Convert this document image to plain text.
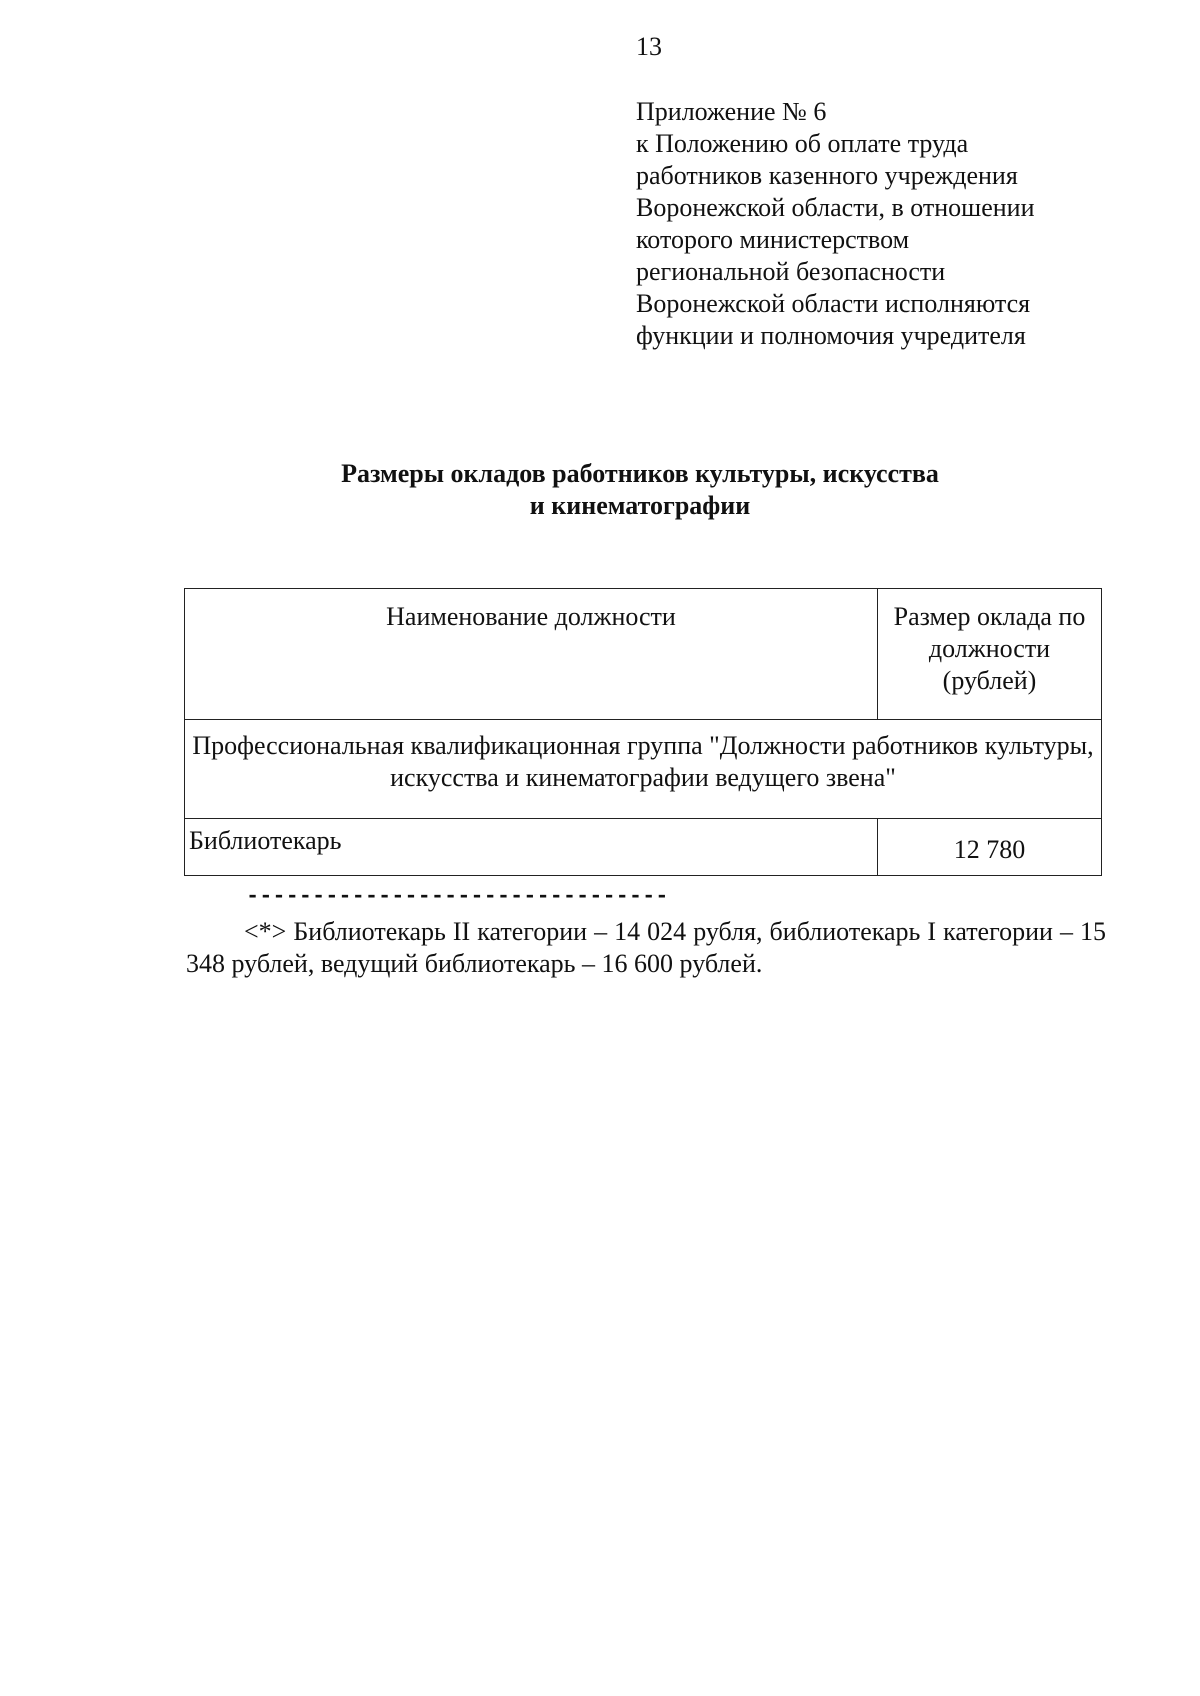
13
Приложение № 6
к Положению об оплате труда
работников казенного учреждения
Воронежской области, в отношении
которого министерством
региональной безопасности
Воронежской области исполняются
функции и полномочия учредителя
Размеры окладов работников культуры, искусства
и кинематографии
Наименование должности	Размер оклада по должности (рублей)
Профессиональная квалификационная группа "Должности работников культуры, искусства и кинематографии ведущего звена"	
Библиотекарь	12 780
--------------------------------
<*> Библиотекарь II категории – 14 024 рубля, библиотекарь I категории – 15 348 рублей, ведущий библиотекарь – 16 600 рублей.
